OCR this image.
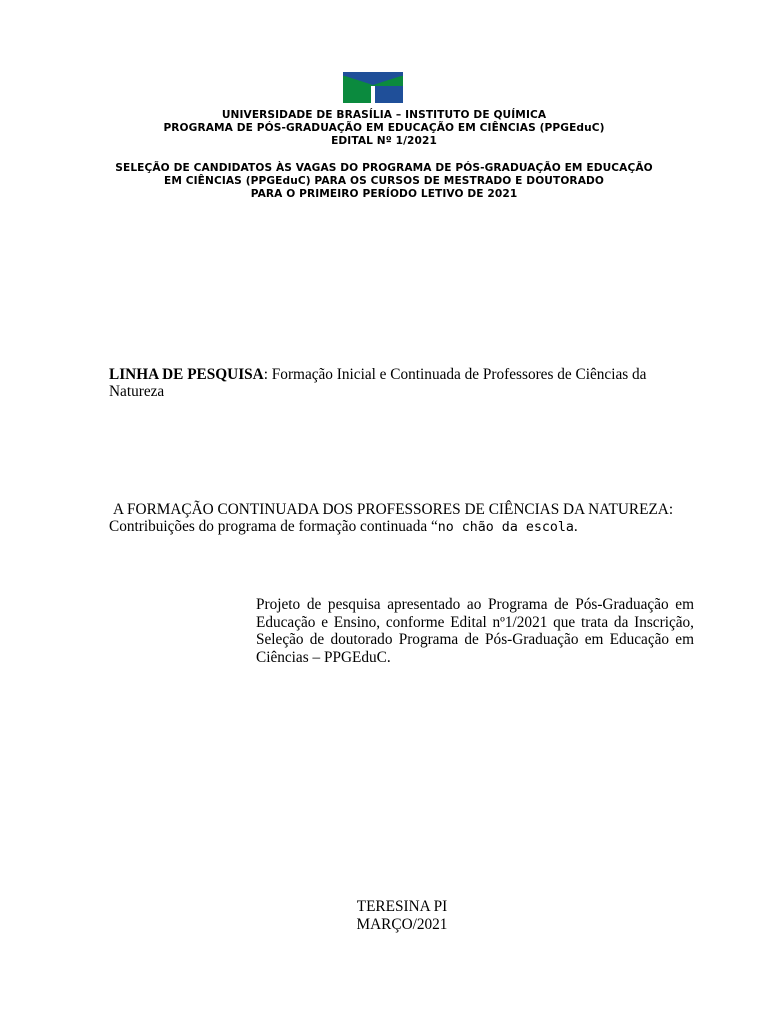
UNIVERSIDADE DE BRASÍLIA – INSTITUTO DE QUÍMICA
PROGRAMA DE PÓS-GRADUAÇÃO EM EDUCAÇÃO EM CIÊNCIAS (PPGEduC)
EDITAL Nº 1/2021
SELEÇÃO DE CANDIDATOS ÀS VAGAS DO PROGRAMA DE PÓS-GRADUAÇÃO EM EDUCAÇÃO
EM CIÊNCIAS (PPGEduC) PARA OS CURSOS DE MESTRADO E DOUTORADO
PARA O PRIMEIRO PERÍODO LETIVO DE 2021
LINHA DE PESQUISA: Formação Inicial e Continuada de Professores de Ciências da Natureza
A FORMAÇÃO CONTINUADA DOS PROFESSORES DE CIÊNCIAS DA NATUREZA:
Contribuições do programa de formação continuada “no chão da escola.
Projeto de pesquisa apresentado ao Programa de Pós-Graduação em Educação e Ensino, conforme Edital nº1/2021 que trata da Inscrição, Seleção de doutorado Programa de Pós-Graduação em Educação em Ciências – PPGEduC.
TERESINA PI
MARÇO/2021
